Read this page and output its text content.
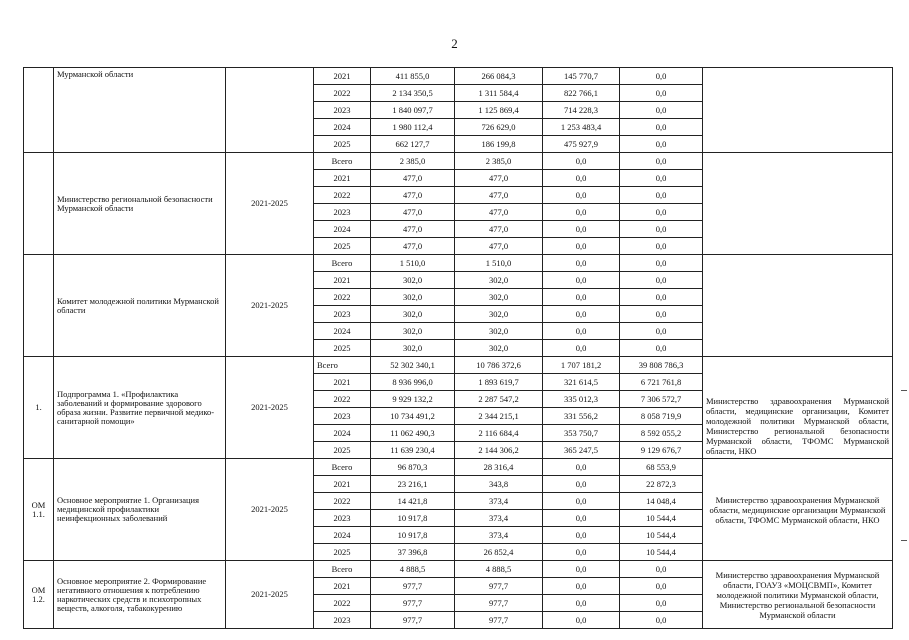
2
	Мурманской области		2021	411 855,0	266 084,3	145 770,7	0,0	
			2022	2 134 350,5	1 311 584,4	822 766,1	0,0	
			2023	1 840 097,7	1 125 869,4	714 228,3	0,0	
			2024	1 980 112,4	726 629,0	1 253 483,4	0,0	
			2025	662 127,7	186 199,8	475 927,9	0,0	
	Министерство региональной безопасности Мурманской области	2021-2025	Всего	2 385,0	2 385,0	0,0	0,0	
			2021	477,0	477,0	0,0	0,0	
			2022	477,0	477,0	0,0	0,0	
			2023	477,0	477,0	0,0	0,0	
			2024	477,0	477,0	0,0	0,0	
			2025	477,0	477,0	0,0	0,0	
	Комитет молодежной политики Мурманской области	2021-2025	Всего	1 510,0	1 510,0	0,0	0,0	
			2021	302,0	302,0	0,0	0,0	
			2022	302,0	302,0	0,0	0,0	
			2023	302,0	302,0	0,0	0,0	
			2024	302,0	302,0	0,0	0,0	
			2025	302,0	302,0	0,0	0,0	
1.	Подпрограмма 1. «Профилактика заболеваний и формирование здорового образа жизни. Развитие первичной медико-санитарной помощи»	2021-2025	Всего	52 302 340,1	10 786 372,6	1 707 181,2	39 808 786,3	Министерство здравоохранения Мурманской области, медицинские организации, Комитет молодежной политики Мурманской области, Министерство региональной безопасности Мурманской области, ТФОМС Мурманской области, НКО
			2021	8 936 996,0	1 893 619,7	321 614,5	6 721 761,8	
			2022	9 929 132,2	2 287 547,2	335 012,3	7 306 572,7	
			2023	10 734 491,2	2 344 215,1	331 556,2	8 058 719,9	
			2024	11 062 490,3	2 116 684,4	353 750,7	8 592 055,2	
			2025	11 639 230,4	2 144 306,2	365 247,5	9 129 676,7	
ОМ 1.1.	Основное мероприятие 1. Организация медицинской профилактики неинфекционных заболеваний	2021-2025	Всего	96 870,3	28 316,4	0,0	68 553,9	Министерство здравоохранения Мурманской области, медицинские организации Мурманской области, ТФОМС Мурманской области, НКО
			2021	23 216,1	343,8	0,0	22 872,3	
			2022	14 421,8	373,4	0,0	14 048,4	
			2023	10 917,8	373,4	0,0	10 544,4	
			2024	10 917,8	373,4	0,0	10 544,4	
			2025	37 396,8	26 852,4	0,0	10 544,4	
ОМ 1.2.	Основное мероприятие 2. Формирование негативного отношения к потреблению наркотических средств и психотропных веществ, алкоголя, табакокурению	2021-2025	Всего	4 888,5	4 888,5	0,0	0,0	Министерство здравоохранения Мурманской области, ГОАУЗ «МОЦСВМП», Комитет молодежной политики Мурманской области, Министерство региональной безопасности Мурманской области
			2021	977,7	977,7	0,0	0,0	
			2022	977,7	977,7	0,0	0,0	
			2023	977,7	977,7	0,0	0,0	
